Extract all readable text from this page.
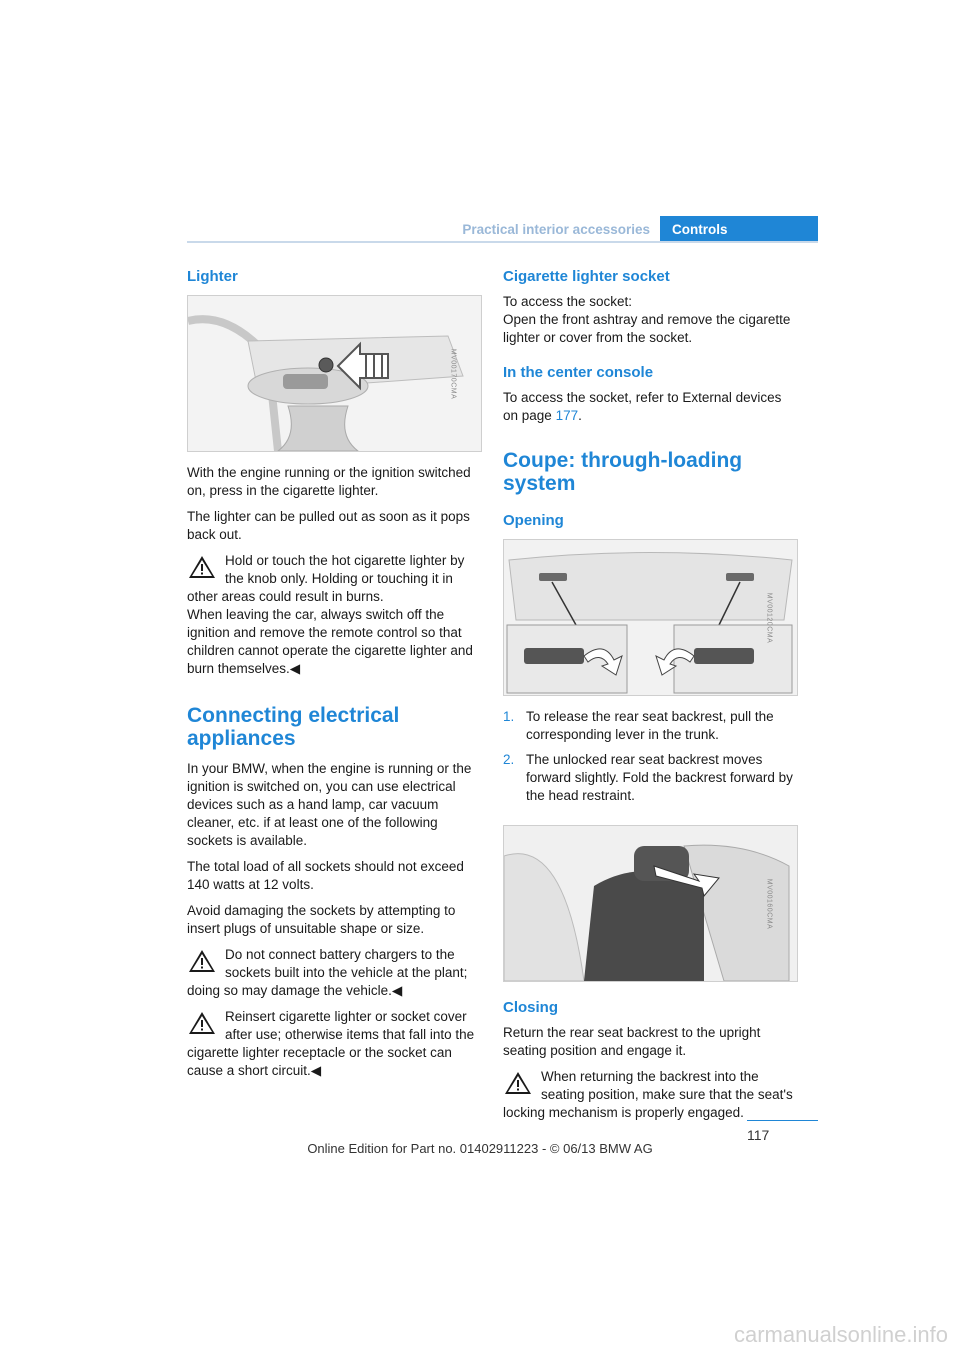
Practical interior accessories	Controls
Lighter
MV00170CMA

With the engine running or the ignition switched on, press in the cigarette lighter.

The lighter can be pulled out as soon as it pops back out.

Hold or touch the hot cigarette lighter by the knob only. Holding or touching it in other areas could result in burns.
When leaving the car, always switch off the ignition and remove the remote control so that children cannot operate the cigarette lighter and burn themselves.◀
Connecting electrical appliances

In your BMW, when the engine is running or the ignition is switched on, you can use electrical devices such as a hand lamp, car vacuum cleaner, etc. if at least one of the following sockets is available.

The total load of all sockets should not exceed 140 watts at 12 volts.

Avoid damaging the sockets by attempting to insert plugs of unsuitable shape or size.

Do not connect battery chargers to the sockets built into the vehicle at the plant; doing so may damage the vehicle.◀
Reinsert cigarette lighter or socket cover after use; otherwise items that fall into the cigarette lighter receptacle or the socket can cause a short circuit.◀
Cigarette lighter socket

To access the socket:

Open the front ashtray and remove the cigarette lighter or cover from the socket.

In the center console

To access the socket, refer to External devices on page 177.

Coupe: through-loading system
Opening
MV00120CMA
1. To release the rear seat backrest, pull the corresponding lever in the trunk.
2. The unlocked rear seat backrest moves forward slightly. Fold the backrest forward by the head restraint.
MV00160CMA
Closing

Return the rear seat backrest to the upright seating position and engage it.

When returning the backrest into the seating position, make sure that the seat's locking mechanism is properly engaged.
117
Online Edition for Part no. 01402911223 - © 06/13 BMW AG
carmanualsonline.info
